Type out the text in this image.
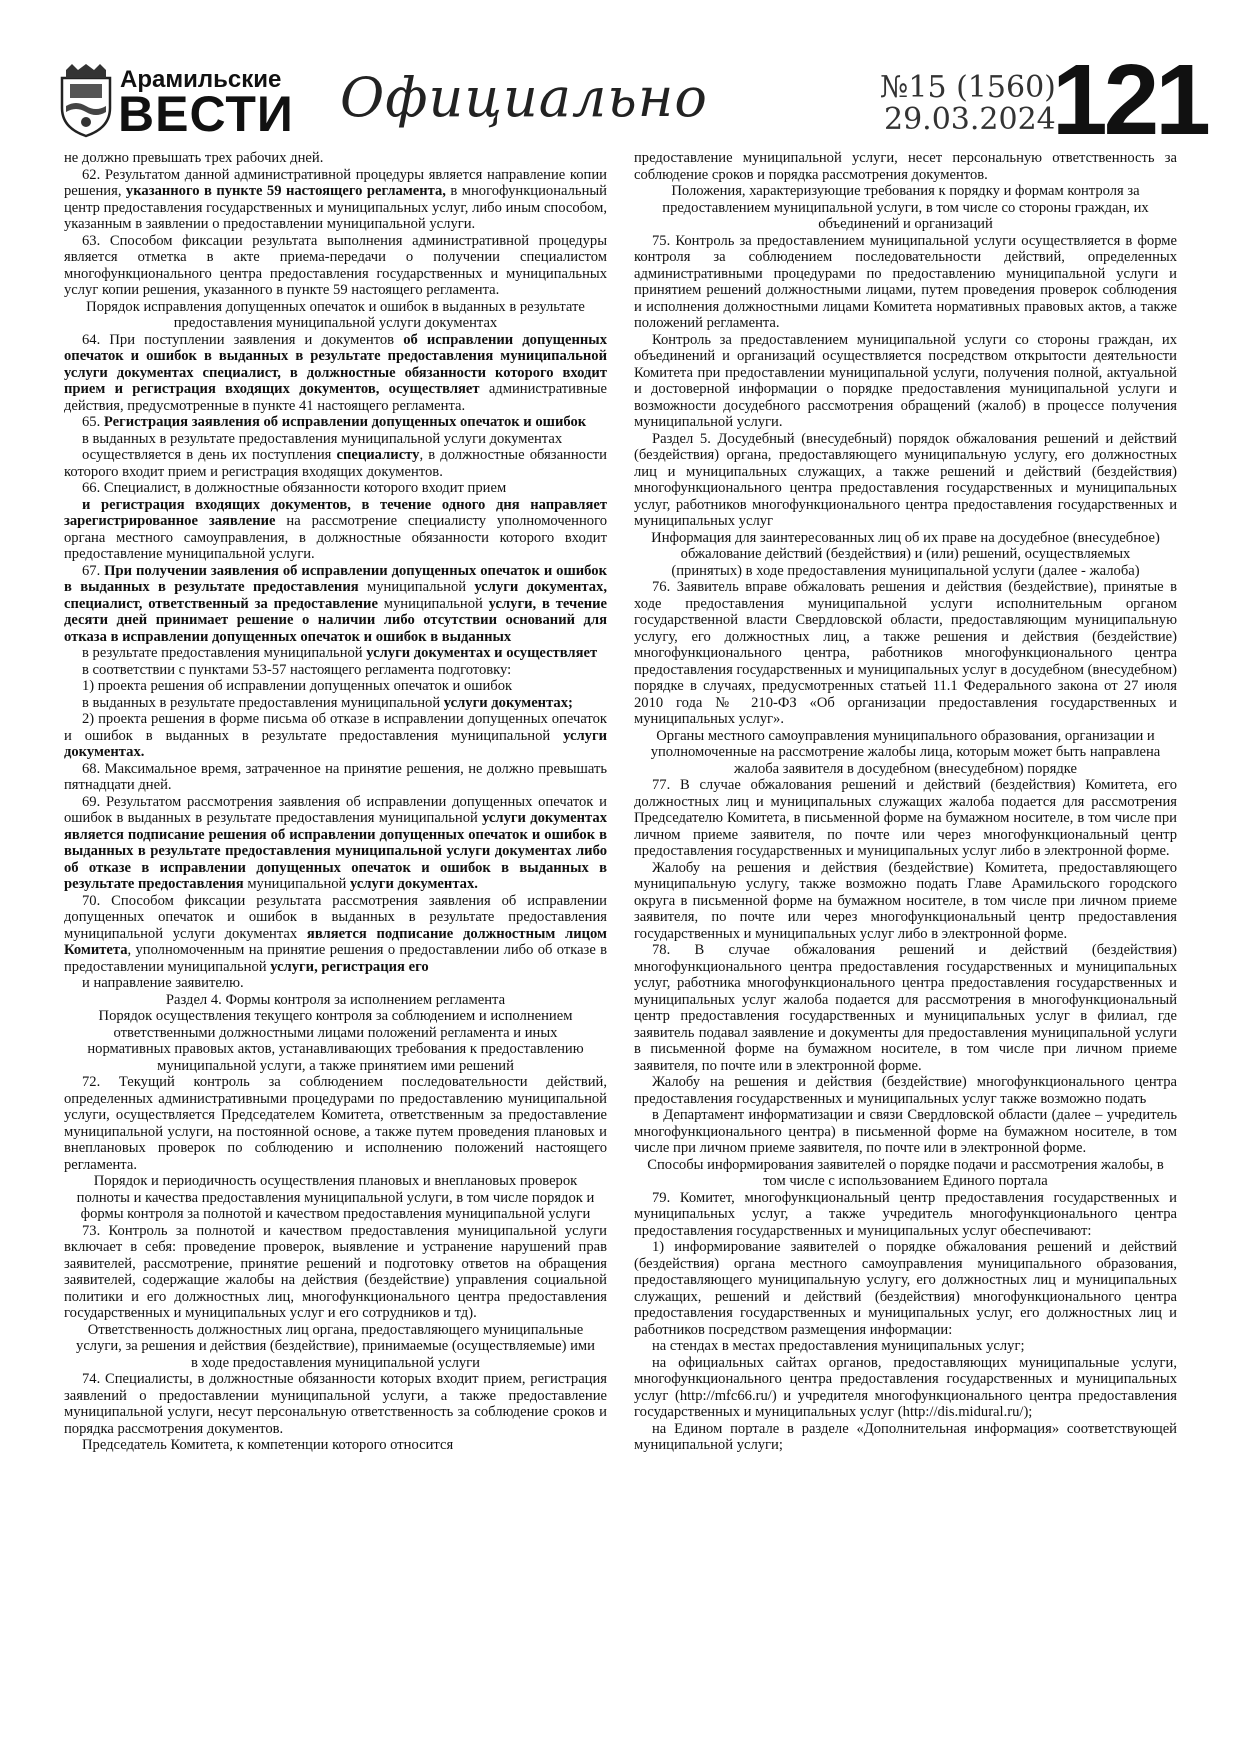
Арамильские
ВЕСТИ Официально	№15 (1560)
29.03.2024
121

не должно превышать трех рабочих дней.

62. Результатом данной административной процедуры является направление копии решения, указанного в пункте 59 настоящего регламента, в многофункциональный центр предоставления государственных и муниципальных услуг, либо иным способом, указанным в заявлении о предоставлении муниципальной услуги.

63. Способом фиксации результата выполнения административной процедуры является отметка в акте приема-передачи о получении специалистом многофункционального центра предоставления государственных и муниципальных услуг копии решения, указанного в пункте 59 настоящего регламента.

Порядок исправления допущенных опечаток и ошибок в выданных в результате предоставления муниципальной услуги документах

64. При поступлении заявления и документов об исправлении допущенных опечаток и ошибок в выданных в результате предоставления муниципальной услуги документах специалист, в должностные обязанности которого входит прием и регистрация входящих документов, осуществляет административные действия, предусмотренные в пункте 41 настоящего регламента.

65. Регистрация заявления об исправлении допущенных опечаток и ошибок

в выданных в результате предоставления муниципальной услуги документах

осуществляется в день их поступления специалисту, в должностные обязанности которого входит прием и регистрация входящих документов.

66. Специалист, в должностные обязанности которого входит прием

и регистрация входящих документов, в течение одного дня направляет зарегистрированное заявление на рассмотрение специалисту уполномоченного органа местного самоуправления, в должностные обязанности которого входит предоставление муниципальной услуги.

67. При получении заявления об исправлении допущенных опечаток и ошибок в выданных в результате предоставления муниципальной услуги документах, специалист, ответственный за предоставление муниципальной услуги, в течение десяти дней принимает решение о наличии либо отсутствии оснований для отказа в исправлении допущенных опечаток и ошибок в выданных

в результате предоставления муниципальной услуги документах и осуществляет

в соответствии с пунктами 53-57 настоящего регламента подготовку:

1) проекта решения об исправлении допущенных опечаток и ошибок

в выданных в результате предоставления муниципальной услуги документах;

2) проекта решения в форме письма об отказе в исправлении допущенных опечаток и ошибок в выданных в результате предоставления муниципальной услуги документах.

68. Максимальное время, затраченное на принятие решения, не должно превышать пятнадцати дней.

69. Результатом рассмотрения заявления об исправлении допущенных опечаток и ошибок в выданных в результате предоставления муниципальной услуги документах является подписание решения об исправлении допущенных опечаток и ошибок в выданных в результате предоставления муниципальной услуги документах либо об отказе в исправлении допущенных опечаток и ошибок в выданных в результате предоставления муниципальной услуги документах.

70. Способом фиксации результата рассмотрения заявления об исправлении допущенных опечаток и ошибок в выданных в результате предоставления муниципальной услуги документах является подписание должностным лицом Комитета, уполномоченным на принятие решения о предоставлении либо об отказе в предоставлении муниципальной услуги, регистрация его

и направление заявителю.

Раздел 4. Формы контроля за исполнением регламента

Порядок осуществления текущего контроля за соблюдением и исполнением ответственными должностными лицами положений регламента и иных нормативных правовых актов, устанавливающих требования к предоставлению муниципальной услуги, а также принятием ими решений

72. Текущий контроль за соблюдением последовательности действий, определенных административными процедурами по предоставлению муниципальной услуги, осуществляется Председателем Комитета, ответственным за предоставление муниципальной услуги, на постоянной основе, а также путем проведения плановых и внеплановых проверок по соблюдению и исполнению положений настоящего регламента.

Порядок и периодичность осуществления плановых и внеплановых проверок полноты и качества предоставления муниципальной услуги, в том числе порядок и формы контроля за полнотой и качеством предоставления муниципальной услуги

73. Контроль за полнотой и качеством предоставления муниципальной услуги включает в себя: проведение проверок, выявление и устранение нарушений прав заявителей, рассмотрение, принятие решений и подготовку ответов на обращения заявителей, содержащие жалобы на действия (бездействие) управления социальной политики и его должностных лиц, многофункционального центра предоставления государственных и муниципальных услуг и его сотрудников и тд).

Ответственность должностных лиц органа, предоставляющего муниципальные услуги, за решения и действия (бездействие), принимаемые (осуществляемые) ими в ходе предоставления муниципальной услуги

74. Специалисты, в должностные обязанности которых входит прием, регистрация заявлений о предоставлении муниципальной услуги, а также предоставление муниципальной услуги, несут персональную ответственность за соблюдение сроков и порядка рассмотрения документов.

Председатель Комитета, к компетенции которого относится

предоставление муниципальной услуги, несет персональную ответственность за соблюдение сроков и порядка рассмотрения документов.

Положения, характеризующие требования к порядку и формам контроля за предоставлением муниципальной услуги, в том числе со стороны граждан, их объединений и организаций

75. Контроль за предоставлением муниципальной услуги осуществляется в форме контроля за соблюдением последовательности действий, определенных административными процедурами по предоставлению муниципальной услуги и принятием решений должностными лицами, путем проведения проверок соблюдения и исполнения должностными лицами Комитета нормативных правовых актов, а также положений регламента.

Контроль за предоставлением муниципальной услуги со стороны граждан, их объединений и организаций осуществляется посредством открытости деятельности Комитета при предоставлении муниципальной услуги, получения полной, актуальной и достоверной информации о порядке предоставления муниципальной услуги и возможности досудебного рассмотрения обращений (жалоб) в процессе получения муниципальной услуги.

Раздел 5. Досудебный (внесудебный) порядок обжалования решений и действий (бездействия) органа, предоставляющего муниципальную услугу, его должностных лиц и муниципальных служащих, а также решений и действий (бездействия) многофункционального центра предоставления государственных и муниципальных услуг, работников многофункционального центра предоставления государственных и муниципальных услуг

Информация для заинтересованных лиц об их праве на досудебное (внесудебное) обжалование действий (бездействия) и (или) решений, осуществляемых (принятых) в ходе предоставления муниципальной услуги (далее - жалоба)

76. Заявитель вправе обжаловать решения и действия (бездействие), принятые в ходе предоставления муниципальной услуги исполнительным органом государственной власти Свердловской области, предоставляющим муниципальную услугу, его должностных лиц, а также решения и действия (бездействие) многофункционального центра, работников многофункционального центра предоставления государственных и муниципальных услуг в досудебном (внесудебном) порядке в случаях, предусмотренных статьей 11.1 Федерального закона от 27 июля 2010 года № 210-ФЗ «Об организации предоставления государственных и муниципальных услуг».

Органы местного самоуправления муниципального образования, организации и уполномоченные на рассмотрение жалобы лица, которым может быть направлена жалоба заявителя в досудебном (внесудебном) порядке

77. В случае обжалования решений и действий (бездействия) Комитета, его должностных лиц и муниципальных служащих жалоба подается для рассмотрения Председателю Комитета, в письменной форме на бумажном носителе, в том числе при личном приеме заявителя, по почте или через многофункциональный центр предоставления государственных и муниципальных услуг либо в электронной форме.

Жалобу на решения и действия (бездействие) Комитета, предоставляющего муниципальную услугу, также возможно подать Главе Арамильского городского округа в письменной форме на бумажном носителе, в том числе при личном приеме заявителя, по почте или через многофункциональный центр предоставления государственных и муниципальных услуг либо в электронной форме.

78. В случае обжалования решений и действий (бездействия) многофункционального центра предоставления государственных и муниципальных услуг, работника многофункционального центра предоставления государственных и муниципальных услуг жалоба подается для рассмотрения в многофункциональный центр предоставления государственных и муниципальных услуг в филиал, где заявитель подавал заявление и документы для предоставления муниципальной услуги в письменной форме на бумажном носителе, в том числе при личном приеме заявителя, по почте или в электронной форме.

Жалобу на решения и действия (бездействие) многофункционального центра предоставления государственных и муниципальных услуг также возможно подать

в Департамент информатизации и связи Свердловской области (далее – учредитель многофункционального центра) в письменной форме на бумажном носителе, в том числе при личном приеме заявителя, по почте или в электронной форме.

Способы информирования заявителей о порядке подачи и рассмотрения жалобы, в том числе с использованием Единого портала

79. Комитет, многофункциональный центр предоставления государственных и муниципальных услуг, а также учредитель многофункционального центра предоставления государственных и муниципальных услуг обеспечивают:

1) информирование заявителей о порядке обжалования решений и действий (бездействия) органа местного самоуправления муниципального образования, предоставляющего муниципальную услугу, его должностных лиц и муниципальных служащих, решений и действий (бездействия) многофункционального центра предоставления государственных и муниципальных услуг, его должностных лиц и работников посредством размещения информации:

на стендах в местах предоставления муниципальных услуг;

на официальных сайтах органов, предоставляющих муниципальные услуги, многофункционального центра предоставления государственных и муниципальных услуг (http://mfc66.ru/) и учредителя многофункционального центра предоставления государственных и муниципальных услуг (http://dis.midural.ru/);

на Едином портале в разделе «Дополнительная информация» соответствующей муниципальной услуги;
